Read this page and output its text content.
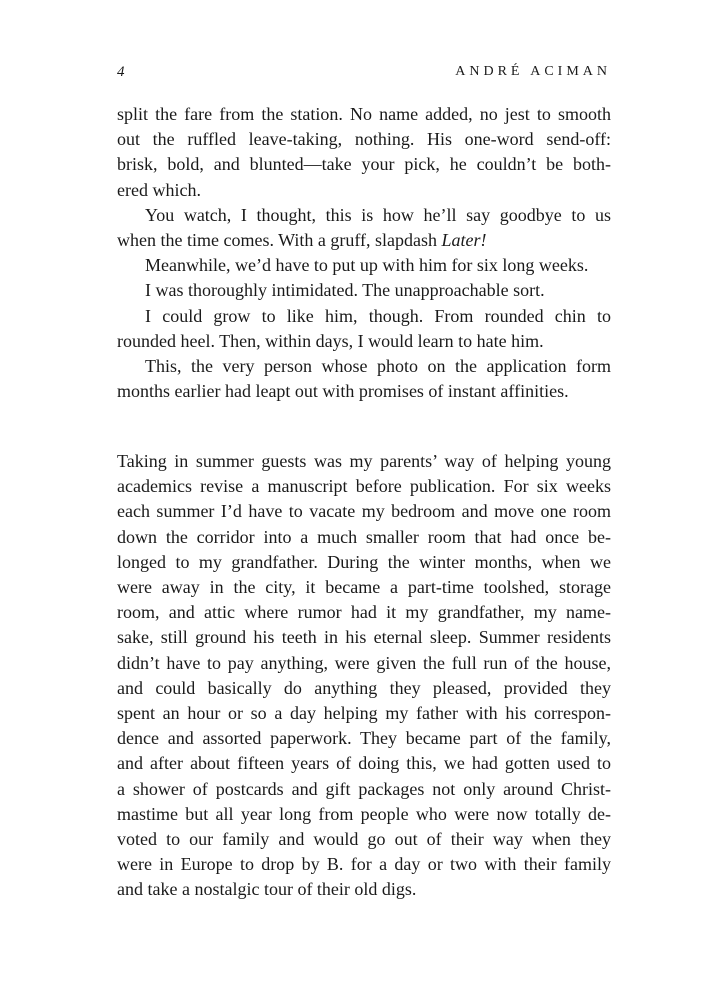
4	ANDRÉ ACIMAN
split the fare from the station. No name added, no jest to smooth
out the ruffled leave-taking, nothing. His one-word send-off:
brisk, bold, and blunted—take your pick, he couldn’t be both-
ered which.
You watch, I thought, this is how he’ll say goodbye to us
when the time comes. With a gruff, slapdash Later!
Meanwhile, we’d have to put up with him for six long weeks.
I was thoroughly intimidated. The unapproachable sort.
I could grow to like him, though. From rounded chin to
rounded heel. Then, within days, I would learn to hate him.
This, the very person whose photo on the application form
months earlier had leapt out with promises of instant affinities.
Taking in summer guests was my parents’ way of helping young
academics revise a manuscript before publication. For six weeks
each summer I’d have to vacate my bedroom and move one room
down the corridor into a much smaller room that had once be-
longed to my grandfather. During the winter months, when we
were away in the city, it became a part-time toolshed, storage
room, and attic where rumor had it my grandfather, my name-
sake, still ground his teeth in his eternal sleep. Summer residents
didn’t have to pay anything, were given the full run of the house,
and could basically do anything they pleased, provided they
spent an hour or so a day helping my father with his correspon-
dence and assorted paperwork. They became part of the family,
and after about fifteen years of doing this, we had gotten used to
a shower of postcards and gift packages not only around Christ-
mastime but all year long from people who were now totally de-
voted to our family and would go out of their way when they
were in Europe to drop by B. for a day or two with their family
and take a nostalgic tour of their old digs.
